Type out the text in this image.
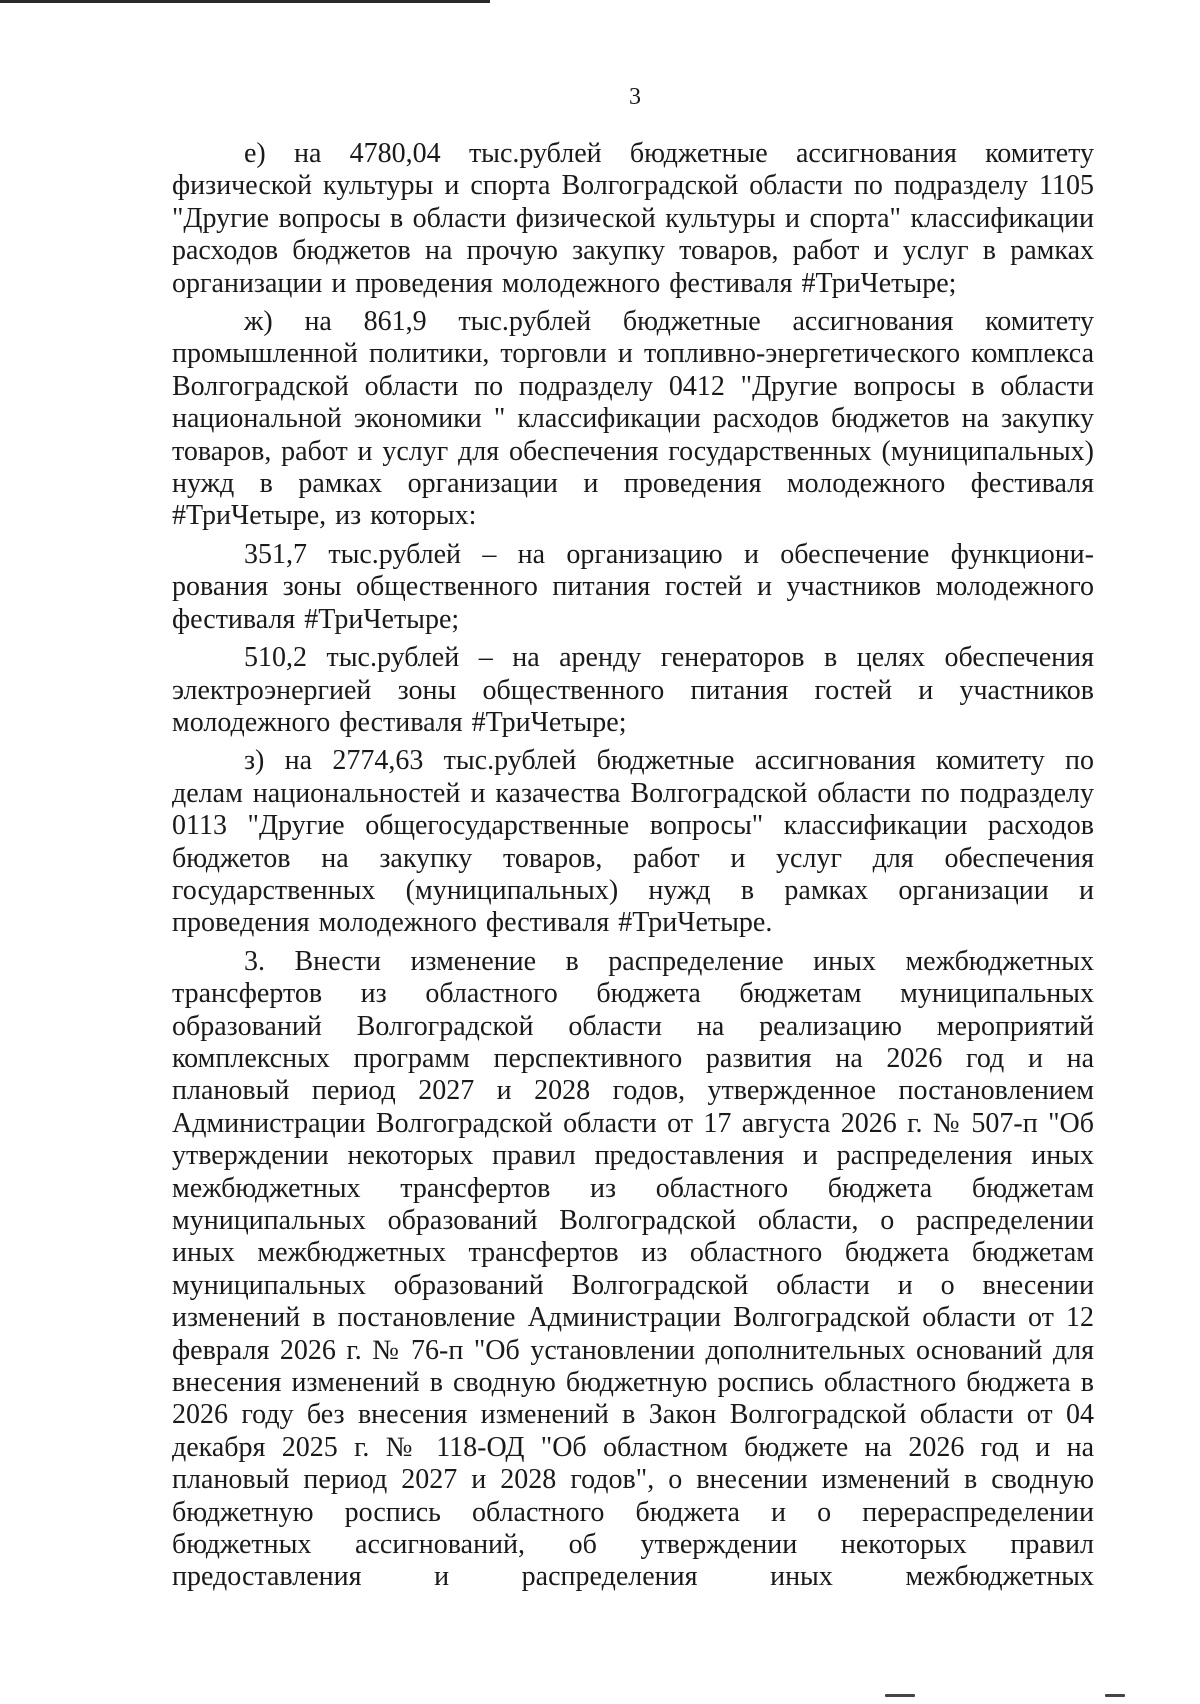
3

е) на 4780,04 тыс.рублей бюджетные ассигнования комитету физической культуры и спорта Волгоградской области по подразделу 1105 "Другие вопросы в области физической культуры и спорта" классификации расходов бюджетов на прочую закупку товаров, работ и услуг в рамках организации и проведения молодежного фестиваля #ТриЧетыре;

ж) на 861,9 тыс.рублей бюджетные ассигнования комитету промышленной политики, торговли и топливно-энергетического комплекса Волгоградской области по подразделу 0412 "Другие вопросы в области национальной экономики " классификации расходов бюджетов на закупку товаров, работ и услуг для обеспечения государственных (муниципальных) нужд в рамках организации и проведения молодежного фестиваля #ТриЧетыре, из которых:

351,7 тыс.рублей – на организацию и обеспечение функционирования зоны общественного питания гостей и участников молодежного фестиваля #ТриЧетыре;

510,2 тыс.рублей – на аренду генераторов в целях обеспечения электроэнергией зоны общественного питания гостей и участников молодежного фестиваля #ТриЧетыре;

з) на 2774,63 тыс.рублей бюджетные ассигнования комитету по делам национальностей и казачества Волгоградской области по подразделу 0113 "Другие общегосударственные вопросы" классификации расходов бюджетов на закупку товаров, работ и услуг для обеспечения государственных (муниципальных) нужд в рамках организации и проведения молодежного фестиваля #ТриЧетыре.

3. Внести изменение в распределение иных межбюджетных трансфертов из областного бюджета бюджетам муниципальных образований Волгоградской области на реализацию мероприятий комплексных программ перспективного развития на 2026 год и на плановый период 2027 и 2028 годов, утвержденное постановлением Администрации Волгоградской области от 17 августа 2026 г. № 507-п "Об утверждении некоторых правил предоставления и распределения иных межбюджетных трансфертов из областного бюджета бюджетам муниципальных образований Волгоградской области, о распределении иных межбюджетных трансфертов из областного бюджета бюджетам муниципальных образований Волгоградской области и о внесении изменений в постановление Администрации Волгоградской области от 12 февраля 2026 г. № 76-п "Об установлении дополнительных оснований для внесения изменений в сводную бюджетную роспись областного бюджета в 2026 году без внесения изменений в Закон Волгоградской области от 04 декабря 2025 г. № 118-ОД "Об областном бюджете на 2026 год и на плановый период 2027 и 2028 годов", о внесении изменений в сводную бюджетную роспись областного бюджета и о перераспределении бюджетных ассигнований, об утверждении некоторых правил предоставления и распределения иных межбюджетных
